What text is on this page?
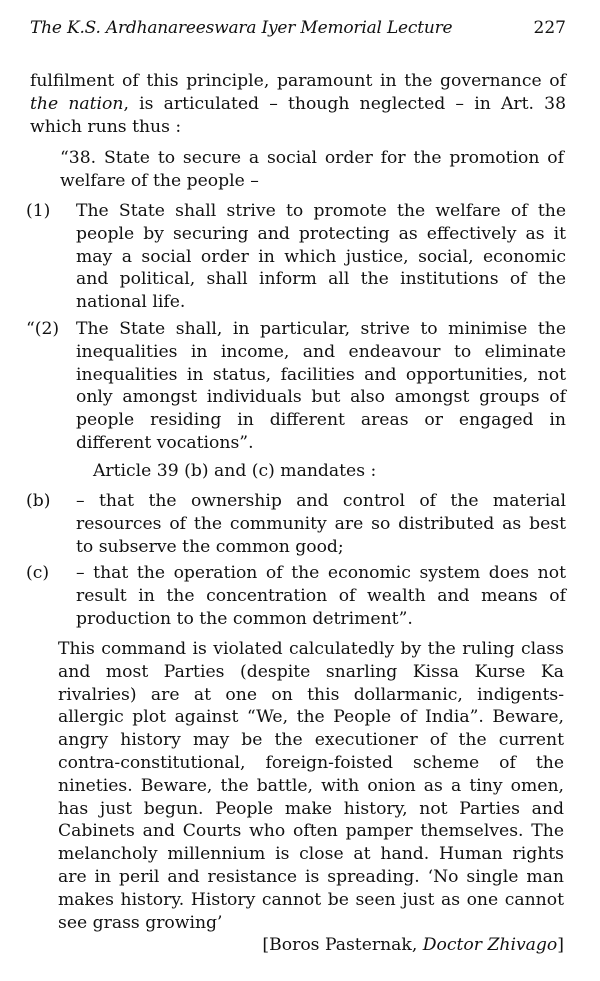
The K.S. Ardhanareeswara Iyer Memorial Lecture	227
fulfilment of this principle, paramount in the governance of the nation, is articulated – though neglected – in Art. 38 which runs thus :
“38. State to secure a social order for the promotion of welfare of the people –
(1)	The State shall strive to promote the welfare of the people by securing and protecting as effectively as it may a social order in which justice, social, economic and political, shall inform all the institutions of the national life.
“(2) The State shall, in particular, strive to minimise the inequalities in income, and endeavour to eliminate inequalities in status, facilities and opportunities, not only amongst individuals but also amongst groups of people residing in different areas or engaged in different vocations”.
Article 39 (b) and (c) mandates :
(b)	– that the ownership and control of the material resources of the community are so distributed as best to subserve the common good;
(c)	– that the operation of the economic system does not result in the concentration of wealth and means of production to the common detriment”.
This command is violated calculatedly by the ruling class and most Parties (despite snarling Kissa Kurse Ka rivalries) are at one on this dollarmanic, indigents-allergic plot against “We, the People of India”. Beware, angry history may be the executioner of the current contra-constitutional, foreign-foisted scheme of the nineties. Beware, the battle, with onion as a tiny omen, has just begun. People make history, not Parties and Cabinets and Courts who often pamper themselves. The melancholy millennium is close at hand. Human rights are in peril and resistance is spreading. ‘No single man makes history. History cannot be seen just as one cannot see grass growing’
[Boros Pasternak, Doctor Zhivago]
